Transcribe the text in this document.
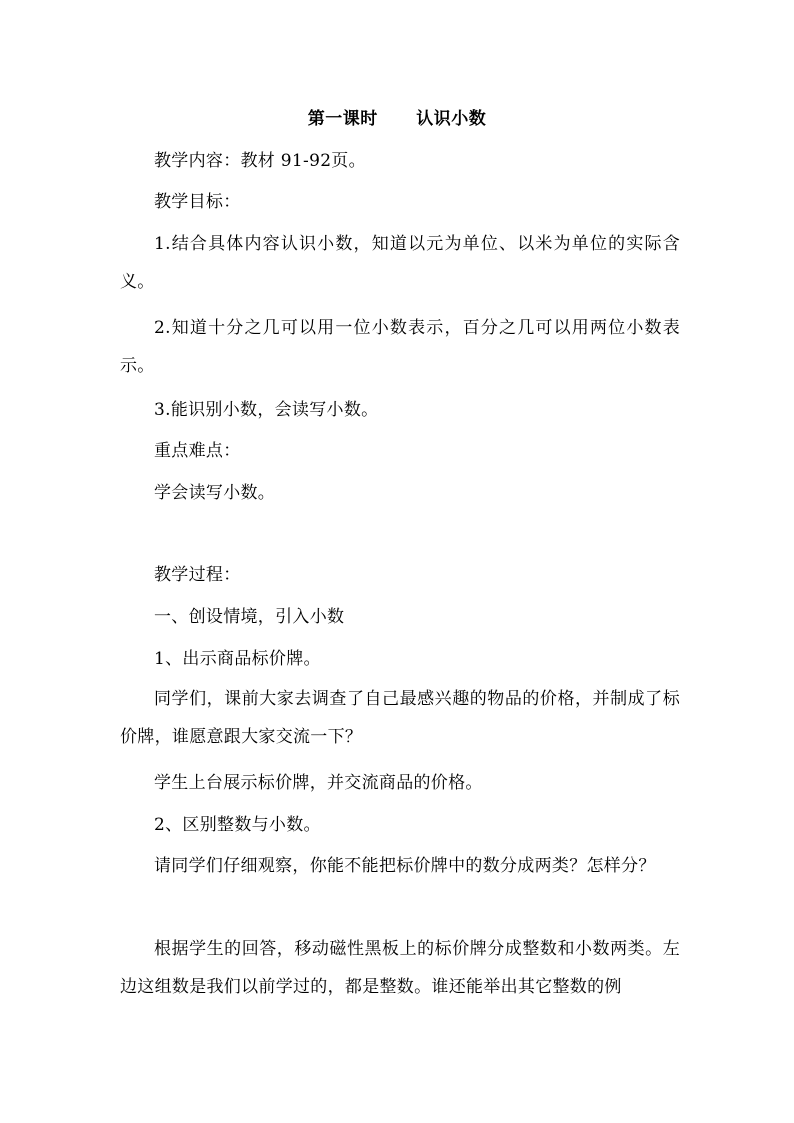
第一课时      认识小数
教学内容：教材 91-92页。
教学目标：
1.结合具体内容认识小数，知道以元为单位、以米为单位的实际含义。
2.知道十分之几可以用一位小数表示，百分之几可以用两位小数表示。
3.能识别小数，会读写小数。
重点难点：
学会读写小数。
教学过程：
一、创设情境，引入小数
1、出示商品标价牌。
同学们，课前大家去调查了自己最感兴趣的物品的价格，并制成了标价牌，谁愿意跟大家交流一下？
学生上台展示标价牌，并交流商品的价格。
2、区别整数与小数。
请同学们仔细观察，你能不能把标价牌中的数分成两类？怎样分？
根据学生的回答，移动磁性黑板上的标价牌分成整数和小数两类。左边这组数是我们以前学过的，都是整数。谁还能举出其它整数的例
